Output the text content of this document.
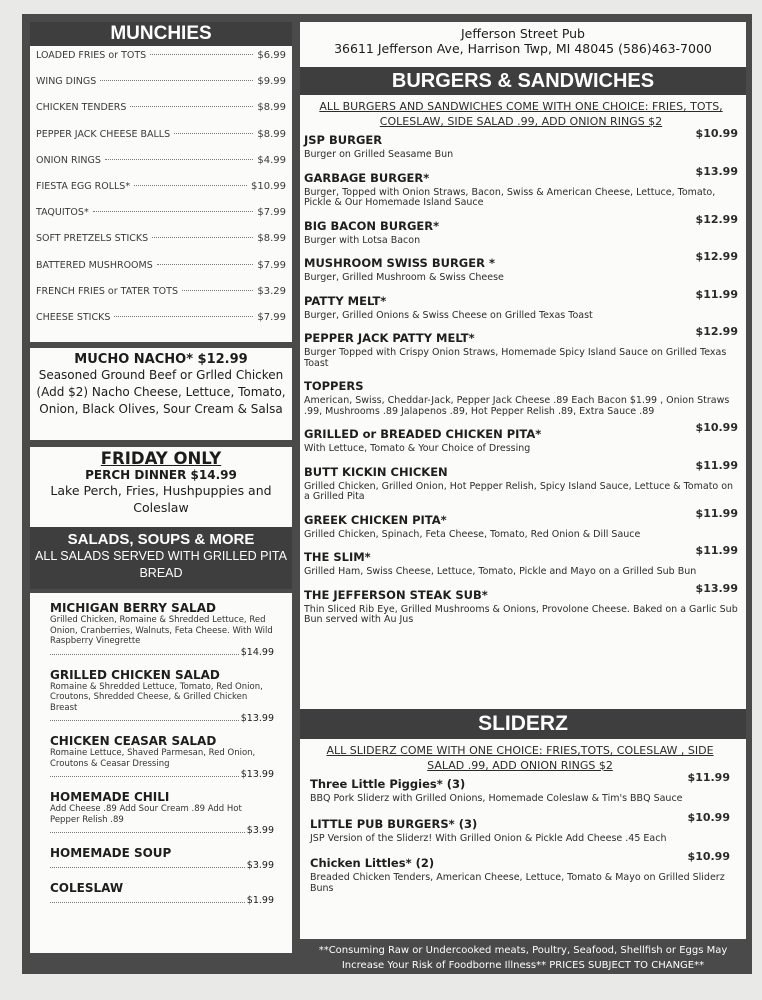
MUNCHIES
LOADED FRIES or TOTS	$6.99
WING DINGS	$9.99
CHICKEN TENDERS	$8.99
PEPPER JACK CHEESE BALLS	$8.99
ONION RINGS	$4.99
FIESTA EGG ROLLS*	$10.99
TAQUITOS*	$7.99
SOFT PRETZELS STICKS	$8.99
BATTERED MUSHROOMS	$7.99
FRENCH FRIES or TATER TOTS	$3.29
CHEESE STICKS	$7.99
MUCHO NACHO* $12.99
Seasoned Ground Beef or Grlled Chicken (Add $2) Nacho Cheese, Lettuce, Tomato, Onion, Black Olives, Sour Cream & Salsa
FRIDAY ONLY
PERCH DINNER $14.99
Lake Perch, Fries, Hushpuppies and Coleslaw
SALADS, SOUPS & MORE
ALL SALADS SERVED WITH GRILLED PITA BREAD
MICHIGAN BERRY SALAD
Grilled Chicken, Romaine & Shredded Lettuce, Red Onion, Cranberries, Walnuts, Feta Cheese. With Wild Raspberry Vinegrette
$14.99
GRILLED CHICKEN SALAD
Romaine & Shredded Lettuce, Tomato, Red Onion, Croutons, Shredded Cheese, & Grilled Chicken Breast
$13.99
CHICKEN CEASAR SALAD
Romaine Lettuce, Shaved Parmesan, Red Onion, Croutons & Ceasar Dressing
$13.99
HOMEMADE CHILI
Add Cheese .89 Add Sour Cream .89 Add Hot Pepper Relish .89
$3.99
HOMEMADE SOUP
$3.99
COLESLAW
$1.99
Jefferson Street Pub
36611 Jefferson Ave, Harrison Twp, MI 48045 (586)463-7000
BURGERS & SANDWICHES
ALL BURGERS AND SANDWICHES COME WITH ONE CHOICE: FRIES, TOTS, COLESLAW, SIDE SALAD .99, ADD ONION RINGS $2
JSP BURGER
Burger on Grilled Seasame Bun
$10.99
GARBAGE BURGER*
Burger, Topped with Onion Straws, Bacon, Swiss & American Cheese, Lettuce, Tomato, Pickle & Our Homemade Island Sauce
$13.99
BIG BACON BURGER*
Burger with Lotsa Bacon
$12.99
MUSHROOM SWISS BURGER *
Burger, Grilled Mushroom & Swiss Cheese
$12.99
PATTY MELT*
Burger, Grilled Onions & Swiss Cheese on Grilled Texas Toast
$11.99
PEPPER JACK PATTY MELT*
Burger Topped with Crispy Onion Straws, Homemade Spicy Island Sauce on Grilled Texas Toast
$12.99
TOPPERS
American, Swiss, Cheddar-Jack, Pepper Jack Cheese .89 Each Bacon $1.99 , Onion Straws .99, Mushrooms .89 Jalapenos .89, Hot Pepper Relish .89, Extra Sauce .89
GRILLED or BREADED CHICKEN PITA*
With Lettuce, Tomato & Your Choice of Dressing
$10.99
BUTT KICKIN CHICKEN
Grilled Chicken, Grilled Onion, Hot Pepper Relish, Spicy Island Sauce, Lettuce & Tomato on a Grilled Pita
$11.99
GREEK CHICKEN PITA*
Grilled Chicken, Spinach, Feta Cheese, Tomato, Red Onion & Dill Sauce
$11.99
THE SLIM*
Grilled Ham, Swiss Cheese, Lettuce, Tomato, Pickle and Mayo on a Grilled Sub Bun
$11.99
THE JEFFERSON STEAK SUB*
Thin Sliced Rib Eye, Grilled Mushrooms & Onions, Provolone Cheese. Baked on a Garlic Sub Bun served with Au Jus
$13.99
SLIDERZ
ALL SLIDERZ COME WITH ONE CHOICE: FRIES,TOTS, COLESLAW , SIDE SALAD .99, ADD ONION RINGS $2
Three Little Piggies* (3)
BBQ Pork Sliderz with Grilled Onions, Homemade Coleslaw & Tim's BBQ Sauce
$11.99
LITTLE PUB BURGERS* (3)
JSP Version of the Sliderz! With Grilled Onion & Pickle Add Cheese .45 Each
$10.99
Chicken Littles* (2)
Breaded Chicken Tenders, American Cheese, Lettuce, Tomato & Mayo on Grilled Sliderz Buns
$10.99
**Consuming Raw or Undercooked meats, Poultry, Seafood, Shellfish or Eggs May Increase Your Risk of Foodborne Illness** PRICES SUBJECT TO CHANGE**
